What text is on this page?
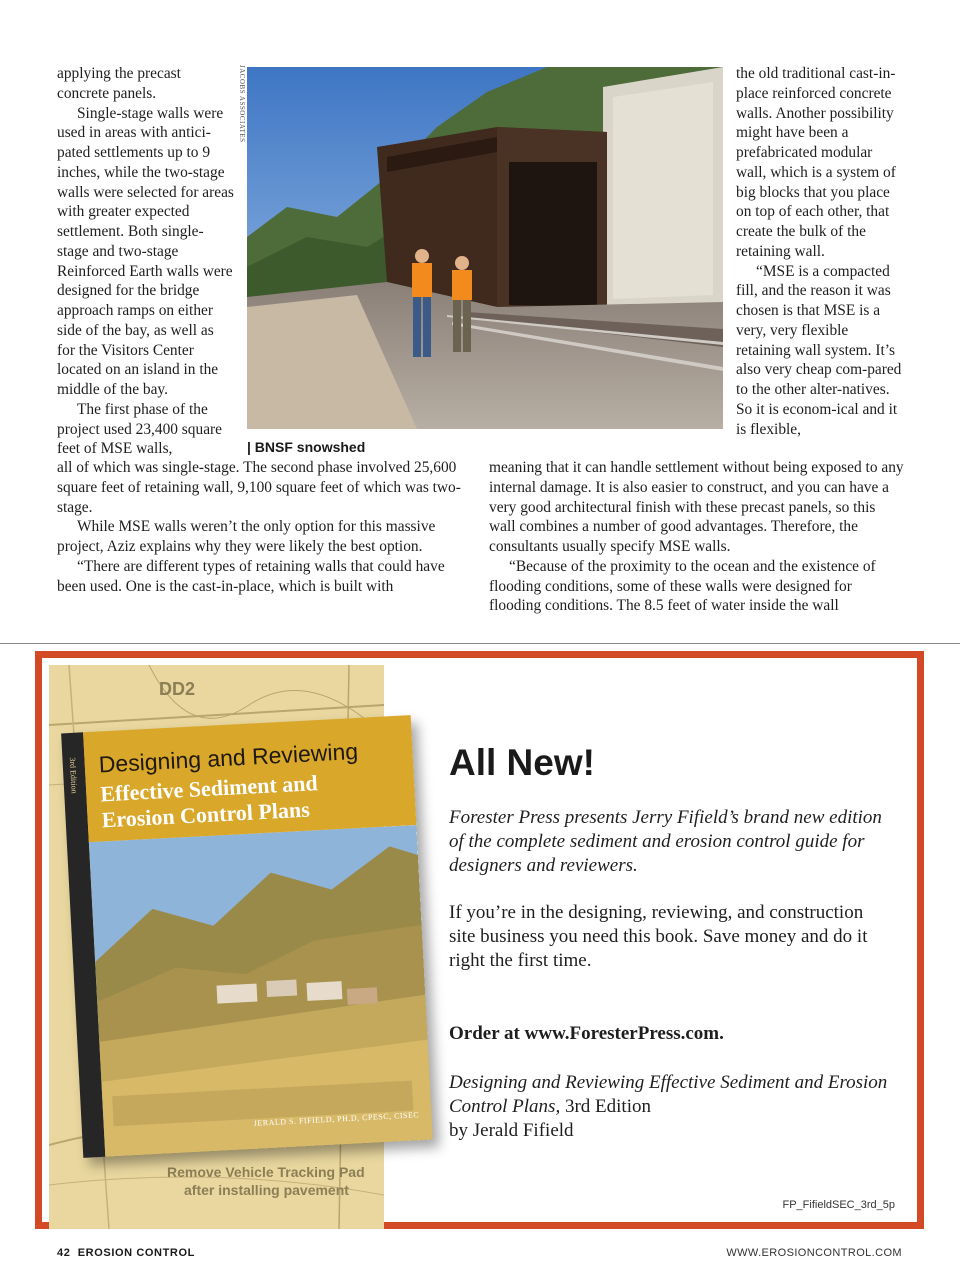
applying the precast concrete panels.

Single-stage walls were used in areas with antici-pated settlements up to 9 inches, while the two-stage walls were selected for areas with greater expected settlement. Both single-stage and two-stage Reinforced Earth walls were designed for the bridge approach ramps on either side of the bay, as well as for the Visitors Center located on an island in the middle of the bay.

The first phase of the project used 23,400 square feet of MSE walls,

JACOBS ASSOCIATES
| BNSF snowshed

the old traditional cast-in-place reinforced concrete walls. Another possibility might have been a prefabricated modular wall, which is a system of big blocks that you place on top of each other, that create the bulk of the retaining wall.

“MSE is a compacted fill, and the reason it was chosen is that MSE is a very, very flexible retaining wall system. It’s also very cheap com-pared to the other alter-natives. So it is econom-ical and it is flexible,

all of which was single-stage. The second phase involved 25,600 square feet of retaining wall, 9,100 square feet of which was two-stage.

While MSE walls weren’t the only option for this massive project, Aziz explains why they were likely the best option.

“There are different types of retaining walls that could have been used. One is the cast-in-place, which is built with

meaning that it can handle settlement without being exposed to any internal damage. It is also easier to construct, and you can have a very good architectural finish with these precast panels, so this wall combines a number of good advantages. Therefore, the consultants usually specify MSE walls.

“Because of the proximity to the ocean and the existence of flooding conditions, some of these walls were designed for flooding conditions. The 8.5 feet of water inside the wall

DD2
Remove Vehicle Tracking Pad
after installing pavement
3rd Edition Designing and Reviewing
Effective Sediment and
Erosion Control Plans
JERALD S. FIFIELD, PH.D, CPESC, CISEC
All New!

Forester Press presents Jerry Fifield’s brand new edition of the complete sediment and erosion control guide for designers and reviewers.

If you’re in the designing, reviewing, and construction site business you need this book. Save money and do it right the first time.

Order at www.ForesterPress.com.

Designing and Reviewing Effective Sediment and Erosion Control Plans, 3rd Edition

by Jerald Fifield

FP_FifieldSEC_3rd_5p
42 EROSION CONTROL	WWW.EROSIONCONTROL.COM
